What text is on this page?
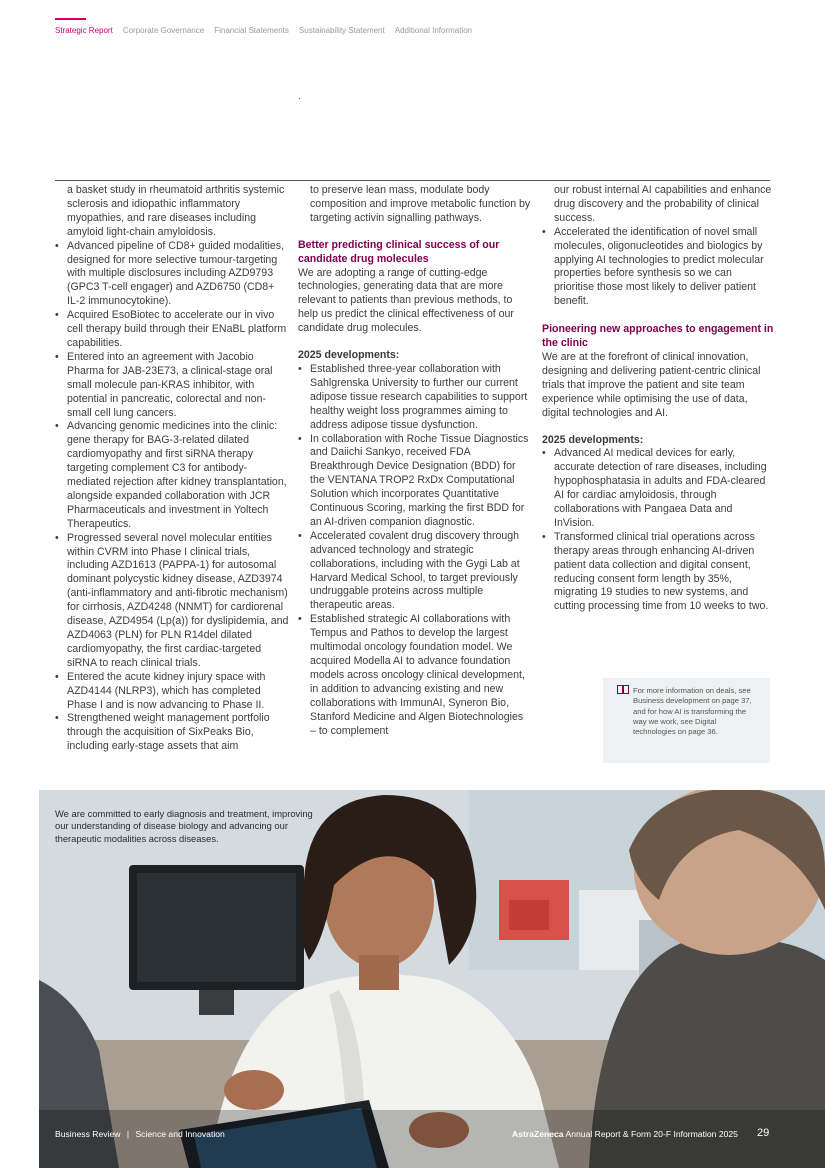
Strategic Report Corporate Governance Financial Statements Sustainability Statement Additional Information

a basket study in rheumatoid arthritis systemic sclerosis and idiopathic inflammatory myopathies, and rare diseases including amyloid light-chain amyloidosis.

• Advanced pipeline of CD8+ guided modalities, designed for more selective tumour-targeting with multiple disclosures including AZD9793 (GPC3 T-cell engager) and AZD6750 (CD8+ IL-2 immunocytokine).
• Acquired EsoBiotec to accelerate our in vivo cell therapy build through their ENaBL platform capabilities.
• Entered into an agreement with Jacobio Pharma for JAB-23E73, a clinical-stage oral small molecule pan-KRAS inhibitor, with potential in pancreatic, colorectal and non-small cell lung cancers.
• Advancing genomic medicines into the clinic: gene therapy for BAG-3-related dilated cardiomyopathy and first siRNA therapy targeting complement C3 for antibody-mediated rejection after kidney transplantation, alongside expanded collaboration with JCR Pharmaceuticals and investment in Yoltech Therapeutics.
• Progressed several novel molecular entities within CVRM into Phase I clinical trials, including AZD1613 (PAPPA-1) for autosomal dominant polycystic kidney disease, AZD3974 (anti-inflammatory and anti-fibrotic mechanism) for cirrhosis, AZD4248 (NNMT) for cardiorenal disease, AZD4954 (Lp(a)) for dyslipidemia, and AZD4063 (PLN) for PLN R14del dilated cardiomyopathy, the first cardiac-targeted siRNA to reach clinical trials.
• Entered the acute kidney injury space with AZD4144 (NLRP3), which has completed Phase I and is now advancing to Phase II.
• Strengthened weight management portfolio through the acquisition of SixPeaks Bio, including early-stage assets that aim

to preserve lean mass, modulate body composition and improve metabolic function by targeting activin signalling pathways.

Better predicting clinical success of our candidate drug molecules

We are adopting a range of cutting-edge technologies, generating data that are more relevant to patients than previous methods, to help us predict the clinical effectiveness of our candidate drug molecules.

2025 developments:
• Established three-year collaboration with Sahlgrenska University to further our current adipose tissue research capabilities to support healthy weight loss programmes aiming to address adipose tissue dysfunction.
• In collaboration with Roche Tissue Diagnostics and Daiichi Sankyo, received FDA Breakthrough Device Designation (BDD) for the VENTANA TROP2 RxDx Computational Solution which incorporates Quantitative Continuous Scoring, marking the first BDD for an AI-driven companion diagnostic.
• Accelerated covalent drug discovery through advanced technology and strategic collaborations, including with the Gygi Lab at Harvard Medical School, to target previously undruggable proteins across multiple therapeutic areas.
• Established strategic AI collaborations with Tempus and Pathos to develop the largest multimodal oncology foundation model. We acquired Modella AI to advance foundation models across oncology clinical development, in addition to advancing existing and new collaborations with ImmunAI, Syneron Bio, Stanford Medicine and Algen Biotechnologies – to complement

our robust internal AI capabilities and enhance drug discovery and the probability of clinical success.

• Accelerated the identification of novel small molecules, oligonucleotides and biologics by applying AI technologies to predict molecular properties before synthesis so we can prioritise those most likely to deliver patient benefit.
Pioneering new approaches to engagement in the clinic

We are at the forefront of clinical innovation, designing and delivering patient-centric clinical trials that improve the patient and site team experience while optimising the use of data, digital technologies and AI.

2025 developments:
• Advanced AI medical devices for early, accurate detection of rare diseases, including hypophosphatasia in adults and FDA-cleared AI for cardiac amyloidosis, through collaborations with Pangaea Data and InVision.
• Transformed clinical trial operations across therapy areas through enhancing AI-driven patient data collection and digital consent, reducing consent form length by 35%, migrating 19 studies to new systems, and cutting processing time from 10 weeks to two.

For more information on deals, see Business development on page 37, and for how AI is transforming the way we work, see Digital technologies on page 36.

We are committed to early diagnosis and treatment, improving our understanding of disease biology and advancing our therapeutic modalities across diseases.

Business Review | Science and Innovation	AstraZeneca Annual Report & Form 20-F Information 2025 29
